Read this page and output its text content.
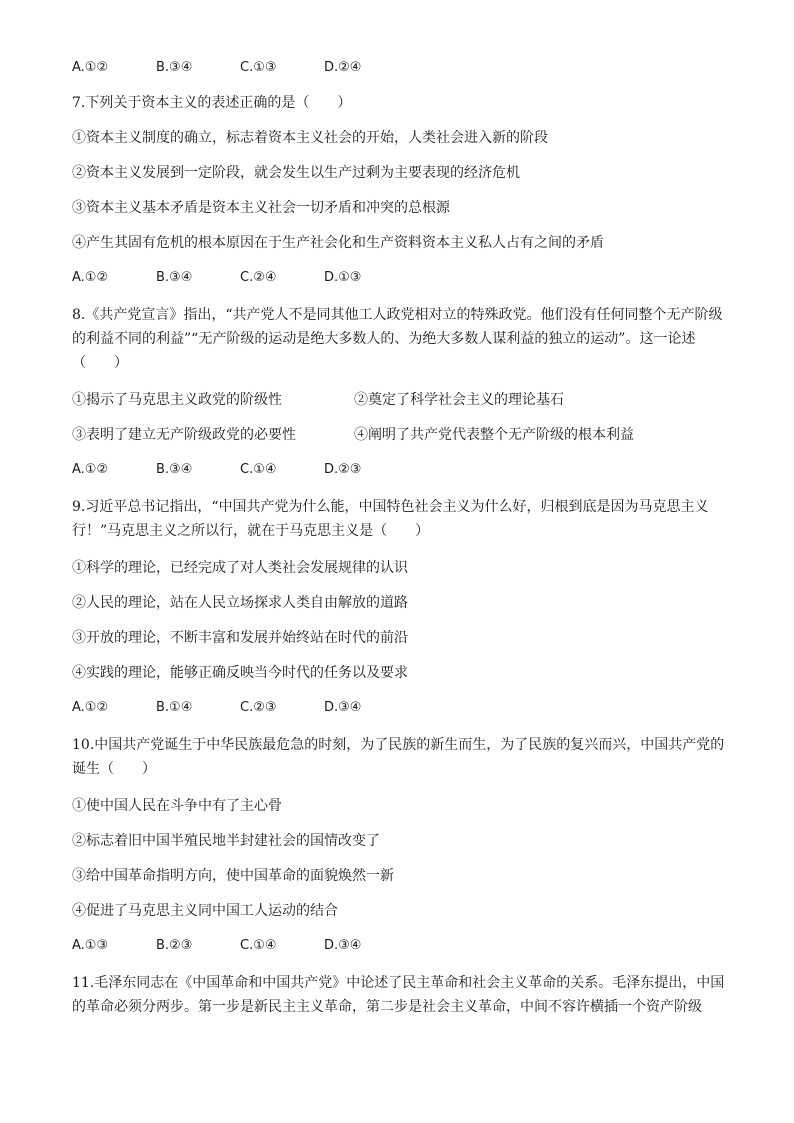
A.①②	B.③④	C.①③	D.②④
7.下列关于资本主义的表述正确的是（　　）
①资本主义制度的确立，标志着资本主义社会的开始，人类社会进入新的阶段
②资本主义发展到一定阶段，就会发生以生产过剩为主要表现的经济危机
③资本主义基本矛盾是资本主义社会一切矛盾和冲突的总根源
④产生其固有危机的根本原因在于生产社会化和生产资料资本主义私人占有之间的矛盾
A.①②	B.③④	C.②④	D.①③
8.《共产党宣言》指出，“共产党人不是同其他工人政党相对立的特殊政党。他们没有任何同整个无产阶级的利益不同的利益”“无产阶级的运动是绝大多数人的、为绝大多数人谋利益的独立的运动”。这一论述（　　）
①揭示了马克思主义政党的阶级性	②奠定了科学社会主义的理论基石
③表明了建立无产阶级政党的必要性	④阐明了共产党代表整个无产阶级的根本利益
A.①②	B.③④	C.①④	D.②③
9.习近平总书记指出，“中国共产党为什么能，中国特色社会主义为什么好，归根到底是因为马克思主义行！”马克思主义之所以行，就在于马克思主义是（　　）
①科学的理论，已经完成了对人类社会发展规律的认识
②人民的理论，站在人民立场探求人类自由解放的道路
③开放的理论，不断丰富和发展并始终站在时代的前沿
④实践的理论，能够正确反映当今时代的任务以及要求
A.①②	B.①④	C.②③	D.③④
10.中国共产党诞生于中华民族最危急的时刻，为了民族的新生而生，为了民族的复兴而兴，中国共产党的诞生（　　）
①使中国人民在斗争中有了主心骨
②标志着旧中国半殖民地半封建社会的国情改变了
③给中国革命指明方向，使中国革命的面貌焕然一新
④促进了马克思主义同中国工人运动的结合
A.①③	B.②③	C.①④	D.③④
11.毛泽东同志在《中国革命和中国共产党》中论述了民主革命和社会主义革命的关系。毛泽东提出，中国的革命必须分两步。第一步是新民主主义革命，第二步是社会主义革命，中间不容许横插一个资产阶级
